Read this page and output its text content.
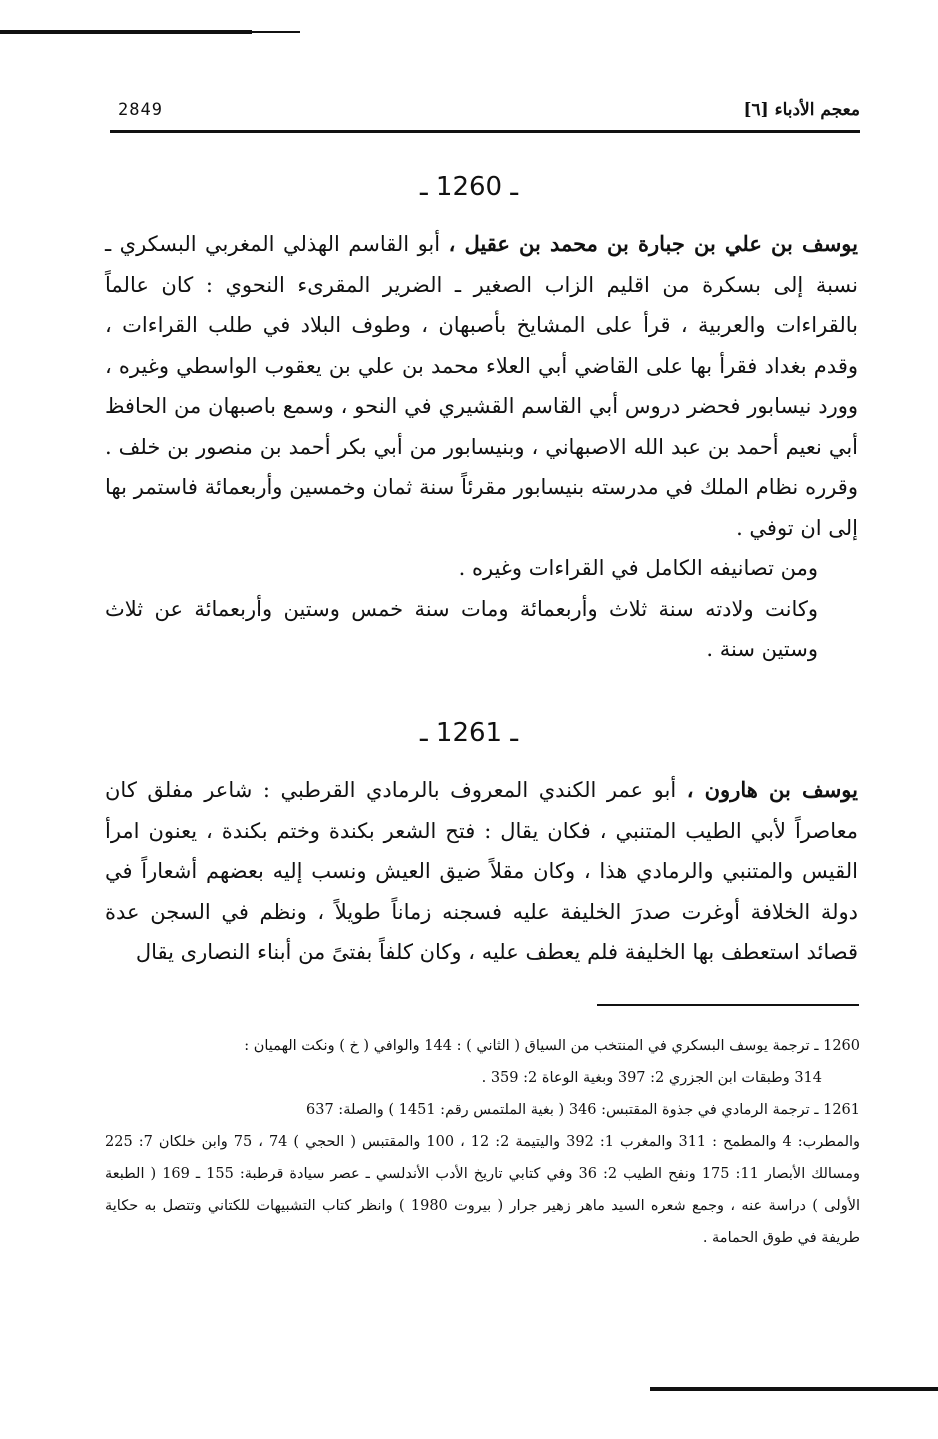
معجم الأدباء [٦]
2849
ـ 1260 ـ

يوسف بن علي بن جبارة بن محمد بن عقيل ، أبو القاسم الهذلي المغربي البسكري ـ نسبة إلى بسكرة من اقليم الزاب الصغير ـ الضرير المقرىء النحوي : كان عالماً بالقراءات والعربية ، قرأ على المشايخ بأصبهان ، وطوف البلاد في طلب القراءات ، وقدم بغداد فقرأ بها على القاضي أبي العلاء محمد بن علي بن يعقوب الواسطي وغيره ، وورد نيسابور فحضر دروس أبي القاسم القشيري في النحو ، وسمع باصبهان من الحافظ أبي نعيم أحمد بن عبد الله الاصبهاني ، وبنيسابور من أبي بكر أحمد بن منصور بن خلف . وقرره نظام الملك في مدرسته بنيسابور مقرئاً سنة ثمان وخمسين وأربعمائة فاستمر بها إلى ان توفي .

ومن تصانيفه الكامل في القراءات وغيره .

وكانت ولادته سنة ثلاث وأربعمائة ومات سنة خمس وستين وأربعمائة عن ثلاث وستين سنة .

ـ 1261 ـ

يوسف بن هارون ، أبو عمر الكندي المعروف بالرمادي القرطبي : شاعر مفلق كان معاصراً لأبي الطيب المتنبي ، فكان يقال : فتح الشعر بكندة وختم بكندة ، يعنون امرأ القيس والمتنبي والرمادي هذا ، وكان مقلاً ضيق العيش ونسب إليه بعضهم أشعاراً في دولة الخلافة أوغرت صدرَ الخليفة عليه فسجنه زماناً طويلاً ، ونظم في السجن عدة قصائد استعطف بها الخليفة فلم يعطف عليه ، وكان كلفاً بفتىً من أبناء النصارى يقال

1260 ـ ترجمة يوسف البسكري في المنتخب من السياق ( الثاني ) : 144 والوافي ( خ ) ونكت الهميان :

314 وطبقات ابن الجزري 2: 397 وبغية الوعاة 2: 359 .

1261 ـ ترجمة الرمادي في جذوة المقتبس: 346 ( بغية الملتمس رقم: 1451 ) والصلة: 637

والمطرب: 4 والمطمح : 311 والمغرب 1: 392 واليتيمة 2: 12 ، 100 والمقتبس ( الحجي ) 74 ، 75 وابن خلكان 7: 225 ومسالك الأبصار 11: 175 ونفح الطيب 2: 36 وفي كتابي تاريخ الأدب الأندلسي ـ عصر سيادة قرطبة: 155 ـ 169 ( الطبعة الأولى ) دراسة عنه ، وجمع شعره السيد ماهر زهير جرار ( بيروت 1980 ) وانظر كتاب التشبيهات للكتاني وتتصل به حكاية طريفة في طوق الحمامة .
